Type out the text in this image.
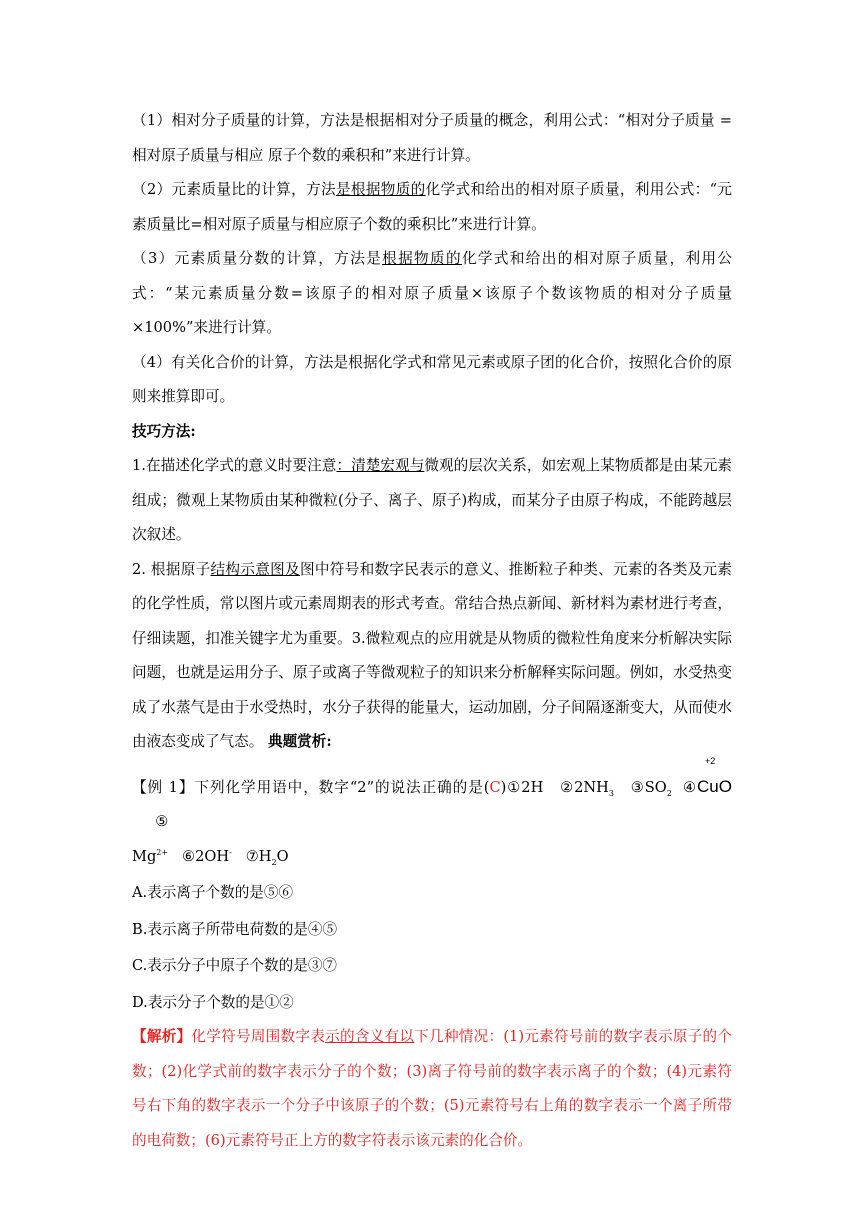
（1）相对分子质量的计算，方法是根据相对分子质量的概念，利用公式：“相对分子质量 = 相对原子质量与相应 原子个数的乘积和”来进行计算。

（2）元素质量比的计算，方法是根据物质的化学式和给出的相对原子质量，利用公式：“元素质量比=相对原子质量与相应原子个数的乘积比”来进行计算。

（3）元素质量分数的计算，方法是根据物质的化学式和给出的相对原子质量，利用公式：“某元素质量分数=该原子的相对原子质量×该原子个数该物质的相对分子质量×100%”来进行计算。

（4）有关化合价的计算，方法是根据化学式和常见元素或原子团的化合价，按照化合价的原则来推算即可。

技巧方法:

1.在描述化学式的意义时要注意：清楚宏观与微观的层次关系，如宏观上某物质都是由某元素组成；微观上某物质由某种微粒(分子、离子、原子)构成，而某分子由原子构成，不能跨越层次叙述。

2. 根据原子结构示意图及图中符号和数字民表示的意义、推断粒子种类、元素的各类及元素的化学性质，常以图片或元素周期表的形式考查。常结合热点新闻、新材料为素材进行考查，仔细读题，扣准关键字尤为重要。3.微粒观点的应用就是从物质的微粒性角度来分析解决实际问题，也就是运用分子、原子或离子等微观粒子的知识来分析解释实际问题。例如，水受热变成了水蒸气是由于水受热时，水分子获得的能量大，运动加剧，分子间隔逐渐变大，从而使水由液态变成了气态。 典题赏析:

【例 1】下列化学用语中，数字“2”的说法正确的是(C)①2H $②2NH_3$ $③SO_2$ ④
+2
CuO     ⑤
$Mg^{2+}$ ⑥2OH- $⑦H_2O$

A.表示离子个数的是⑤⑥

B.表示离子所带电荷数的是④⑤

C.表示分子中原子个数的是③⑦

D.表示分子个数的是①②

【解析】化学符号周围数字表示的含义有以下几种情况：(1)元素符号前的数字表示原子的个数；(2)化学式前的数字表示分子的个数；(3)离子符号前的数字表示离子的个数；(4)元素符号右下角的数字表示一个分子中该原子的个数；(5)元素符号右上角的数字表示一个离子所带的电荷数；(6)元素符号正上方的数字符表示该元素的化合价。
